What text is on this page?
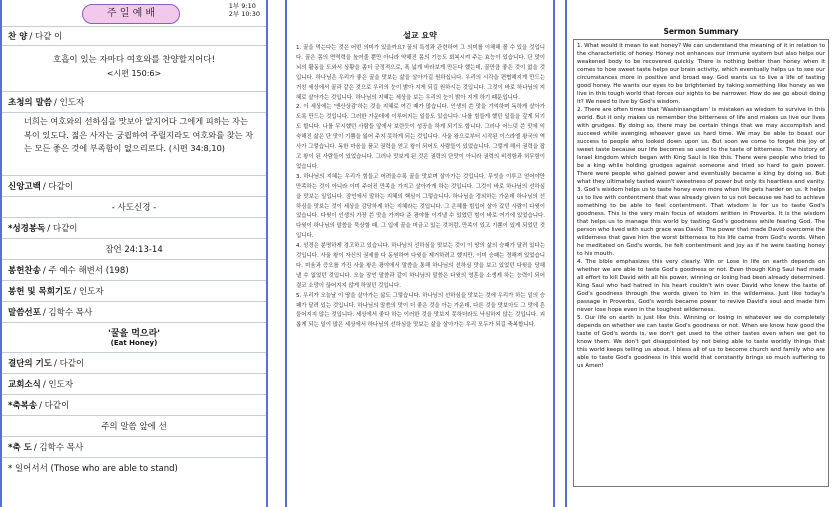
주 일 예 배
1부 9:10
2부 10:30
찬 양 / 다같 이
호흡이 있는 자마다 여호와를 찬양할지어다!
<시편 150:6>
초청의 말씀 / 인도자
너희는 여호와의 선하심을 맛보아 알지어다 그에게 피하는 자는 복이 있도다. 젊은 사자는 궁핍하여 주릴지라도 여호와를 찾는 자는 모든 좋은 것에 부족함이 없으리로다. (시편 34:8,10)
신앙고백 / 다같이
- 사도신경 -
*성경봉독 / 다같이
잠언 24:13-14
봉헌찬송 / 주 예수 해변서 (198)
봉헌 및 목회기도 / 인도자
말씀선포 / 김학수 목사
'꿀을 먹으라'
(Eat Honey)
결단의 기도 / 다같이
교회소식 / 인도자
*축복송 / 다같이
주의 말씀 앞에 선
*축 도 / 김학수 목사
* 일어서서 (Those who are able to stand)
설교 요약

1. 꿀을 먹는다는 것은 어떤 의미가 있을까요? 꿀의 특성과 관련하여 그 의미를 이해해 볼 수 있을 것입니다. 꿀은 몸의 면역력을 높여줄 뿐만 아니라 약해진 몸의 기능도 회복시켜 주는 효능이 있습니다. 단 맛이 뇌의 활동을 도와서 상황을 좀더 긍정적으로, 폭 넓게 바라보게 만든다 했는데, 꿀만큼 좋은 것이 없을 것입니다. 하나님은 우리가 좋은 꿀을 맛보는 삶을 살아가길 원하십니다. 우리의 시각을 편협해지게 만드는 거친 세상에서 꿀과 같은 것으로 우리의 눈이 밝아 지게 되길 원하시는 것입니다. 그것이 바로 하나님의 지혜로 살아가는 것입니다. 하나님의 지혜는 세상을 보는 우리의 눈이 밝아 지게 하기 때문입니다.

2. 이 세상에는 '앤산상감'하는 것을 지혜로 여긴 때가 많습니다. 인생의 쓴 맛을 기억하며 독하게 살아가도록 만드는 것입니다. 그러한 가운데에 이루어지는 일들도 있습니다. 나를 힘들게 했던 일들을 갚게 되기도 합니다. 나를 무시했던 사람들 앞에서 보란듯이 성공을 하게 되기도 합니다. 그러나 어느덧 쓴 맛에 익숙해진 삶은 단 맛이 기쁨을 잃어 주지 못하게 되는 것입니다. 사울 왕으로부터 시작된 이스라엘 왕국의 역사가 그렇습니다. 독한 마음을 품고 권력을 얻고 왕이 되어도 사람들이 있었습니다. 그렇게 해서 권력을 잡고 왕이 된 사람들이 있었습니다. 그러나 맛보게 된 것은 권력의 단맛이 아니라 권력의 비정함과 허무함이었습니다.

3. 하나님의 지혜는 우리가 힘들고 어려울수록 꿀을 맛보며 살아가는 것입니다. 무엇을 이루고 얻어야만 만족하는 것이 아니라 이미 주어진 만족을 가지고 살아가게 하는 것입니다. 그것이 바로 하나님의 선하심을 맛보는 일입니다. 잠언에서 말하는 지혜의 핵심이 그렇습니다. 하나님을 경외하는 가운데 하나님의 선하심을 맛보는 것이 세상을 감당하게 하는 지혜라는 것입니다. 그 은혜를 힘입어 살아 갔던 사람이 다윗이었습니다. 다윗이 인생의 가장 쓴 맛을 가져다 준 광야를 이겨낼 수 있었던 힘이 바로 여기에 있었습니다. 다윗이 하나님의 말씀을 묵상할 때, 그 입에 꿀을 머금고 있는 것처럼, 만족이 있고 기쁨이 있게 되었던 것입니다.

4. 성경은 분명하게 경고하고 있습니다. 하나님의 선하심을 맛보는 것이 이 땅의 삶의 승패가 달려 있다는 것입니다. 사울 왕이 자신의 권세를 다 동원하여 다윗을 제거하려고 했지만, 이미 승패는 정해져 있었습니다. 미움과 증오를 가진 사울 왕은 광야에서 말씀을 통해 하나님의 선하심 맛을 보고 있었던 다윗을 당해 낼 수 없었던 것입니다. 오늘 잠언 말씀과 같이 하나님의 말씀은 다윗의 영혼을 소생케 하는 능력이 되어 결코 소망이 끊어지지 않게 하였던 것입니다.

5. 우리가 오늘날 이 땅을 살아가는 삶도 그렇습니다. 하나님의 선하심을 맛보는 것에 우리가 하는 일의 승패가 달려 있는 것입니다. 하나님의 말씀의 맛이 더 좋은 것을 아는 가운데, 다른 것을 맛보아도 그 맛에 흔들어지지 않는 것입니다. 세상에서 좋다 하는 이러한 것을 맛보지 못하더라도 낙심하지 않는 것입니다. 괴롭게 되는 일이 많은 세상에서 하나님의 선하심을 맛보는 삶을 살아가는 우리 모두가 되길 축복합니다.

Sermon Summary

1. What would it mean to eat honey? We can understand the meaning of it in relation to the characteristic of honey. Honey not enhances our immune system but also helps our weakened body to be recovered quickly. There is nothing better than honey when it comes to how sweet taste helps our brain activity, which eventually helps us to see our circumstances more in positive and broad way. God wants us to live a life of tasting good honey. He wants our eyes to be brightened by taking something like honey as we live in this tough world that forces our sights to be narrower. How do we go about doing it? We need to live by God's wisdom.

2. There are often times that 'Washinsangdam' is mistaken as wisdom to survive in this world. But it only makes us remember the bitterness of life and makes us live our lives with grudges. By doing so, there may be certain things that we may accomplish and succeed while avenging whoever gave us hard time. We may be able to boast our success to people who looked down upon us. But soon we come to forget the joy of sweet taste because our life becomes so used to the taste of bitterness. The history of Israel kingdom which began with King Saul is like this. There were people who tried to be a king while holding grudges against someone and tried so hard to gain power. There were people who gained power and eventually became a king by doing so. But what they ultimately tasted wasn't sweetness of power but only its heartless and vanity.

3. God's wisdom helps us to taste honey even more when life gets harder on us. It helps us to live with contentment that was already given to us not because we had to achieve something to be able to feel contentment. That wisdom is for us to taste God's goodness. This is the very main focus of wisdom written in Proverbs. It is the wisdom that helps us to manage this world by tasting God's goodness while fearing God. The person who lived with such grace was David. The power that made David overcome the wilderness that gave him the worst bitterness to his life came from God's words. When he meditated on God's words, he felt contentment and joy as if he were tasting honey to his mouth.

4. The bible emphasizes this very clearly. Win or Lose in life on earth depends on whether we are able to taste God's goodness or not. Even though King Saul had made all effort to kill David with all his power, winning or losing had been already determined. King Saul who had hatred in his heart couldn't win over David who knew the taste of God's goodness through the words given to him in the wilderness. Just like today's passage in Proverbs, God's words became power to revive David's soul and made him never lose hope even in the toughest wilderness.

5. Our life on earth is just like this. Winning or losing in whatever we do completely depends on whether we can taste God's goodness or not. When we know how good the taste of God's words is, we don't get used to the other tastes even when we get to know them. We don't get disappointed by not being able to taste worldly things that this world keeps telling us about. I bless all of us to become church and family who are able to taste God's goodness in this world that constantly brings so much suffering to us Amen!
